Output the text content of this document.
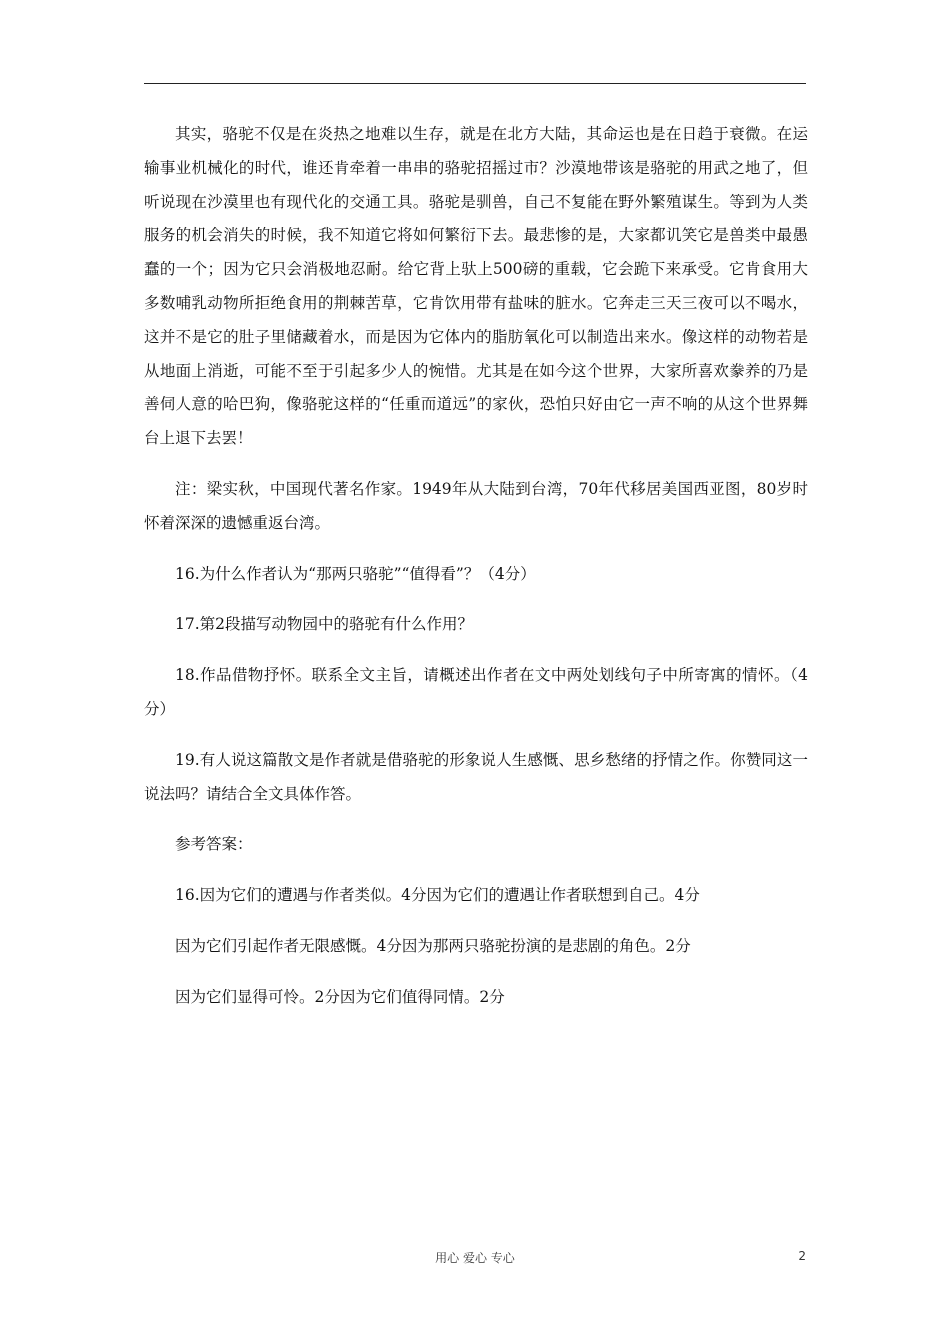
其实，骆驼不仅是在炎热之地难以生存，就是在北方大陆，其命运也是在日趋于衰微。在运输事业机械化的时代，谁还肯牵着一串串的骆驼招摇过市？沙漠地带该是骆驼的用武之地了，但听说现在沙漠里也有现代化的交通工具。骆驼是驯兽，自己不复能在野外繁殖谋生。等到为人类服务的机会消失的时候，我不知道它将如何繁衍下去。最悲惨的是，大家都讥笑它是兽类中最愚蠢的一个；因为它只会消极地忍耐。给它背上驮上500磅的重载，它会跪下来承受。它肯食用大多数哺乳动物所拒绝食用的荆棘苦草，它肯饮用带有盐味的脏水。它奔走三天三夜可以不喝水，这并不是它的肚子里储藏着水，而是因为它体内的脂肪氧化可以制造出来水。像这样的动物若是从地面上消逝，可能不至于引起多少人的惋惜。尤其是在如今这个世界，大家所喜欢豢养的乃是善伺人意的哈巴狗，像骆驼这样的“任重而道远”的家伙，恐怕只好由它一声不响的从这个世界舞台上退下去罢！

注：梁实秋，中国现代著名作家。1949年从大陆到台湾，70年代移居美国西亚图，80岁时怀着深深的遗憾重返台湾。

16.为什么作者认为“那两只骆驼”“值得看”？（4分）

17.第2段描写动物园中的骆驼有什么作用？

18.作品借物抒怀。联系全文主旨，请概述出作者在文中两处划线句子中所寄寓的情怀。（4分）

19.有人说这篇散文是作者就是借骆驼的形象说人生感慨、思乡愁绪的抒情之作。你赞同这一说法吗？请结合全文具体作答。

参考答案：

16.因为它们的遭遇与作者类似。4分因为它们的遭遇让作者联想到自己。4分

因为它们引起作者无限感慨。4分因为那两只骆驼扮演的是悲剧的角色。2分

因为它们显得可怜。2分因为它们值得同情。2分

用心 爱心 专心	2
